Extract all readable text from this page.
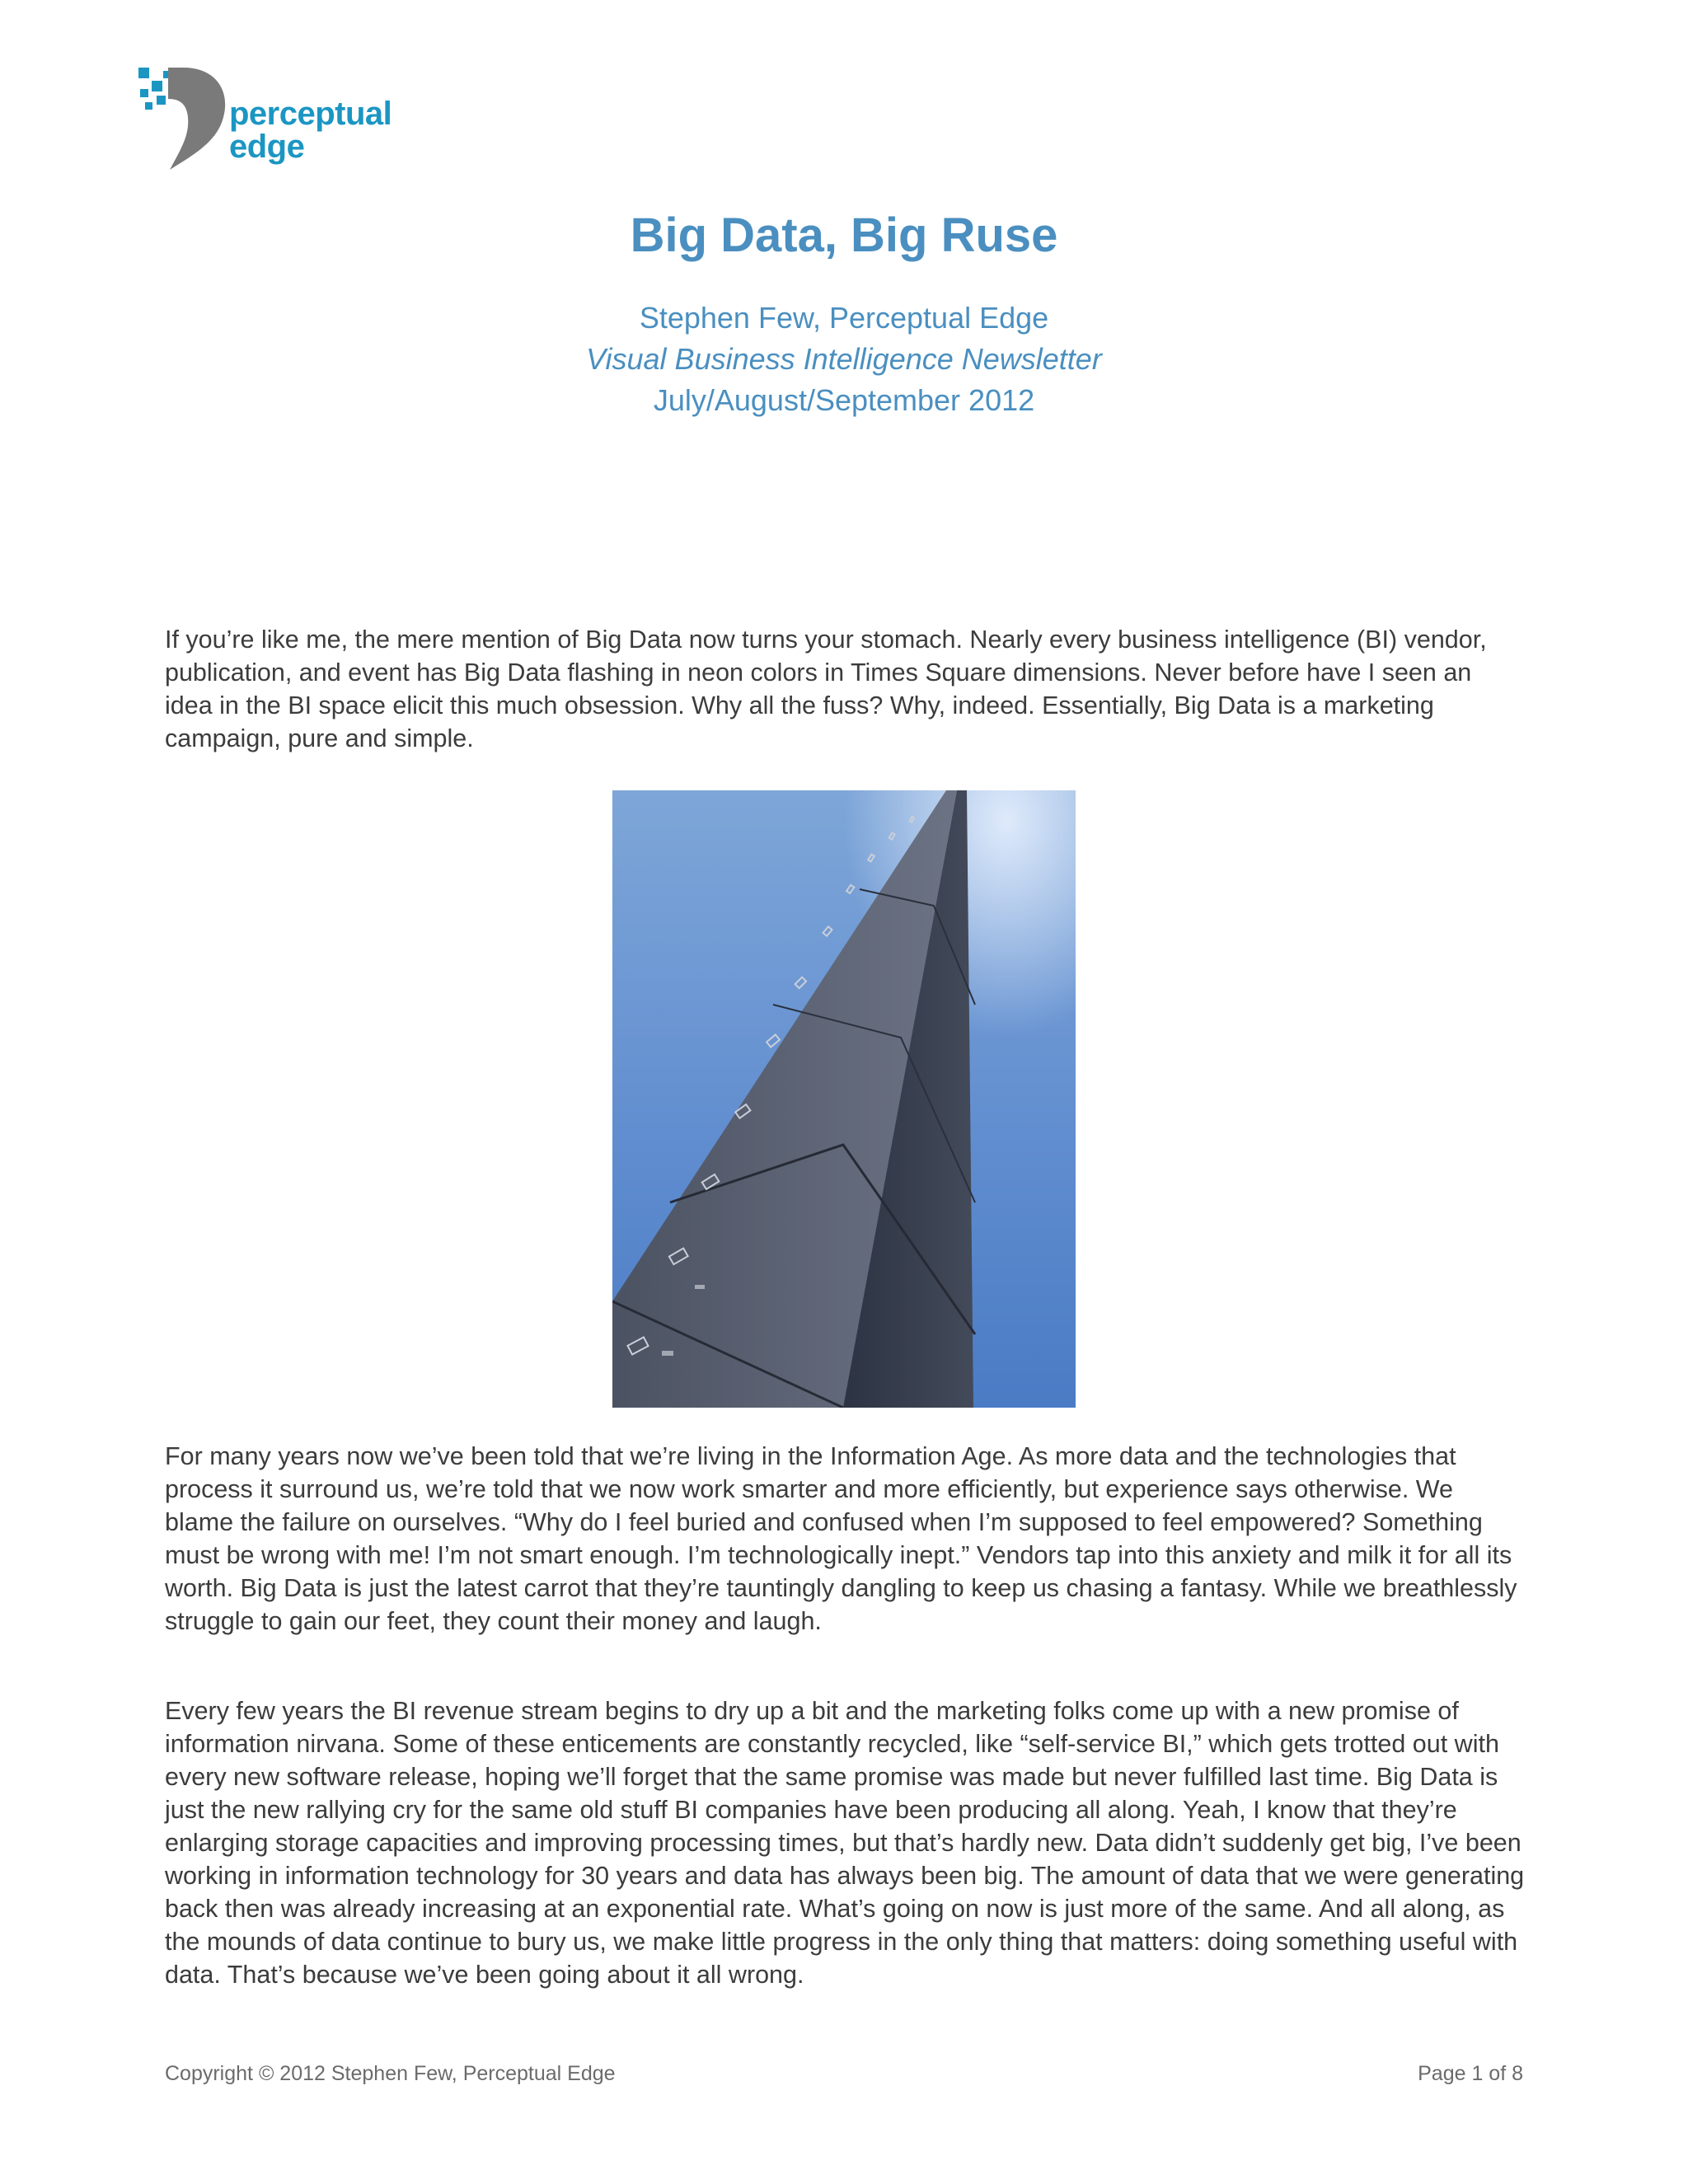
perceptual
edge
Big Data, Big Ruse
Stephen Few, Perceptual Edge
Visual Business Intelligence Newsletter
July/August/September 2012

If you’re like me, the mere mention of Big Data now turns your stomach. Nearly every business intelligence (BI) vendor, publication, and event has Big Data flashing in neon colors in Times Square dimensions. Never before have I seen an idea in the BI space elicit this much obsession. Why all the fuss? Why, indeed. Essentially, Big Data is a marketing campaign, pure and simple.

For many years now we’ve been told that we’re living in the Information Age. As more data and the technologies that process it surround us, we’re told that we now work smarter and more efficiently, but experience says otherwise. We blame the failure on ourselves. “Why do I feel buried and confused when I’m supposed to feel empowered? Something must be wrong with me! I’m not smart enough. I’m technologically inept.” Vendors tap into this anxiety and milk it for all its worth. Big Data is just the latest carrot that they’re tauntingly dangling to keep us chasing a fantasy. While we breathlessly struggle to gain our feet, they count their money and laugh.

Every few years the BI revenue stream begins to dry up a bit and the marketing folks come up with a new promise of information nirvana. Some of these enticements are constantly recycled, like “self-service BI,” which gets trotted out with every new software release, hoping we’ll forget that the same promise was made but never fulfilled last time. Big Data is just the new rallying cry for the same old stuff BI companies have been producing all along. Yeah, I know that they’re enlarging storage capacities and improving processing times, but that’s hardly new. Data didn’t suddenly get big, I’ve been working in information technology for 30 years and data has always been big. The amount of data that we were generating back then was already increasing at an exponential rate. What’s going on now is just more of the same. And all along, as the mounds of data continue to bury us, we make little progress in the only thing that matters: doing something useful with data. That’s because we’ve been going about it all wrong.

Copyright © 2012 Stephen Few, Perceptual Edge	Page 1 of 8
